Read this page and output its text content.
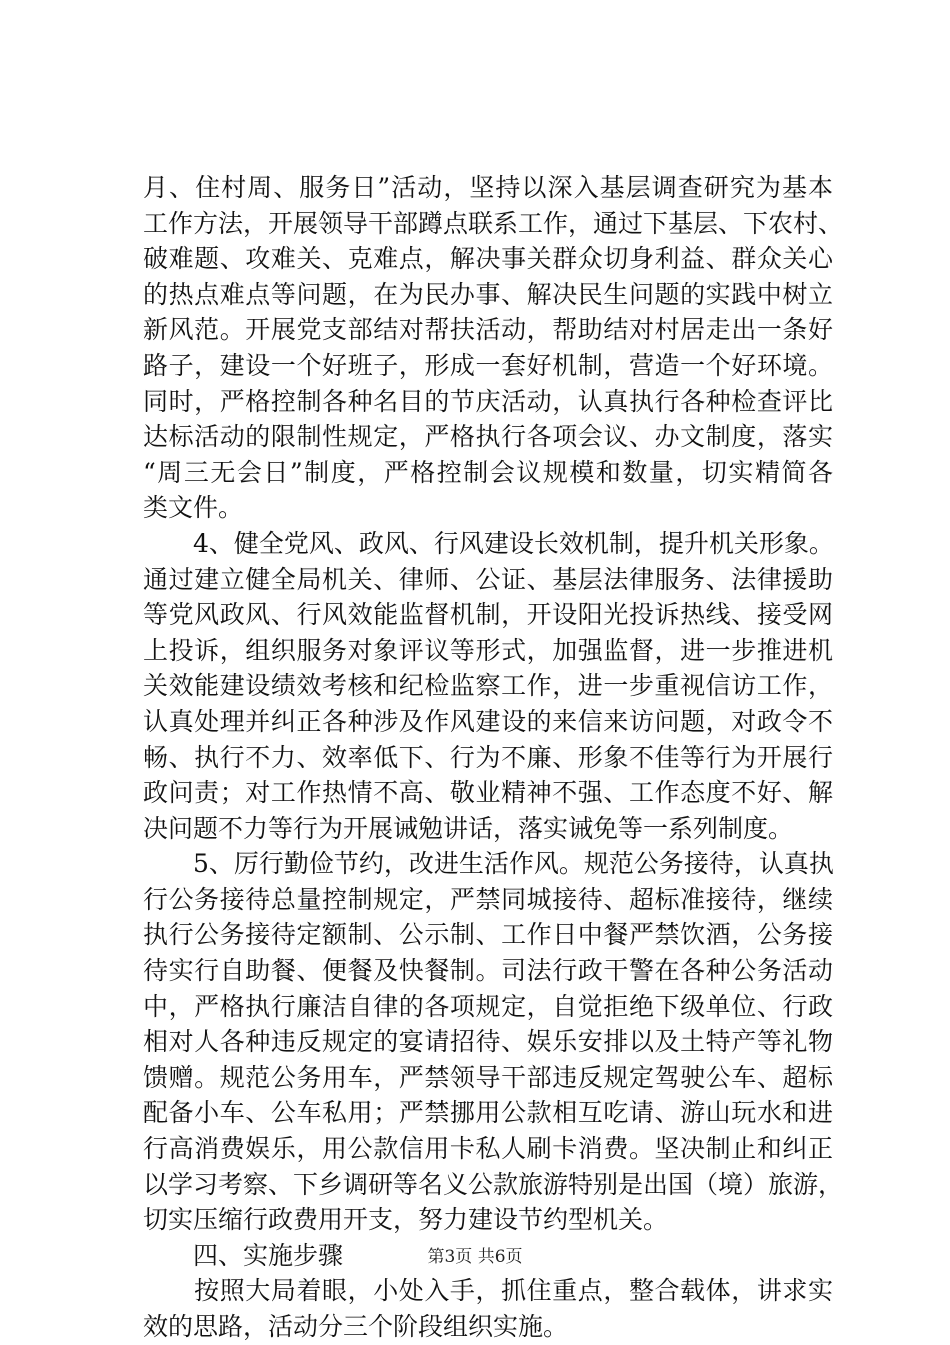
月、住村周、服务日”活动，坚持以深入基层调查研究为基本
工作方法，开展领导干部蹲点联系工作，通过下基层、下农村、
破难题、攻难关、克难点，解决事关群众切身利益、群众关心
的热点难点等问题，在为民办事、解决民生问题的实践中树立
新风范。开展党支部结对帮扶活动，帮助结对村居走出一条好
路子，建设一个好班子，形成一套好机制，营造一个好环境。
同时，严格控制各种名目的节庆活动，认真执行各种检查评比
达标活动的限制性规定，严格执行各项会议、办文制度，落实
“周三无会日”制度，严格控制会议规模和数量，切实精简各
类文件。
　　4、健全党风、政风、行风建设长效机制，提升机关形象。
通过建立健全局机关、律师、公证、基层法律服务、法律援助
等党风政风、行风效能监督机制，开设阳光投诉热线、接受网
上投诉，组织服务对象评议等形式，加强监督，进一步推进机
关效能建设绩效考核和纪检监察工作，进一步重视信访工作，
认真处理并纠正各种涉及作风建设的来信来访问题，对政令不
畅、执行不力、效率低下、行为不廉、形象不佳等行为开展行
政问责；对工作热情不高、敬业精神不强、工作态度不好、解
决问题不力等行为开展诫勉讲话，落实诫免等一系列制度。
　　5、厉行勤俭节约，改进生活作风。规范公务接待，认真执
行公务接待总量控制规定，严禁同城接待、超标准接待，继续
执行公务接待定额制、公示制、工作日中餐严禁饮酒，公务接
待实行自助餐、便餐及快餐制。司法行政干警在各种公务活动
中，严格执行廉洁自律的各项规定，自觉拒绝下级单位、行政
相对人各种违反规定的宴请招待、娱乐安排以及土特产等礼物
馈赠。规范公务用车，严禁领导干部违反规定驾驶公车、超标
配备小车、公车私用；严禁挪用公款相互吃请、游山玩水和进
行高消费娱乐，用公款信用卡私人刷卡消费。坚决制止和纠正
以学习考察、下乡调研等名义公款旅游特别是出国（境）旅游，
切实压缩行政费用开支，努力建设节约型机关。
　　四、实施步骤
　　按照大局着眼，小处入手，抓住重点，整合载体，讲求实
效的思路，活动分三个阶段组织实施。
第3页 共6页
